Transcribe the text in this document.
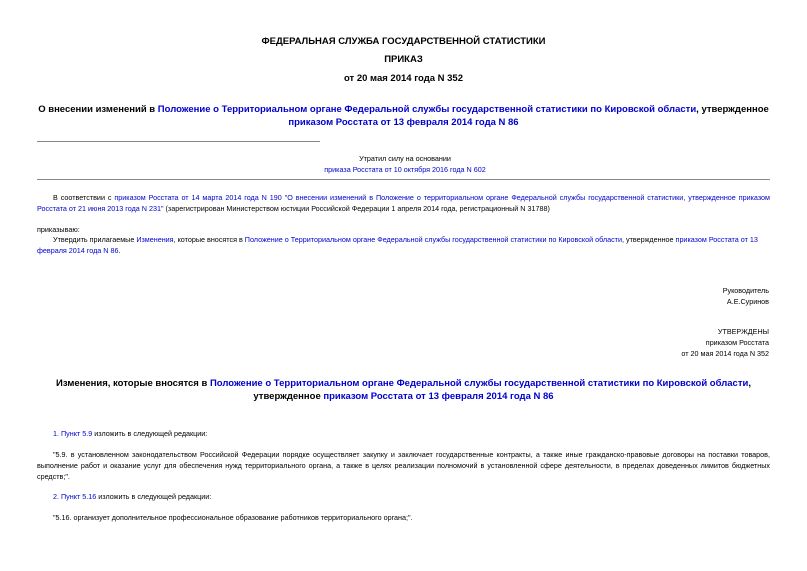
ФЕДЕРАЛЬНАЯ СЛУЖБА ГОСУДАРСТВЕННОЙ СТАТИСТИКИ
ПРИКАЗ
от 20 мая 2014 года N 352
О внесении изменений в Положение о Территориальном органе Федеральной службы государственной статистики по Кировской области, утвержденное приказом Росстата от 13 февраля 2014 года N 86
Утратил силу на основании
приказа Росстата от 10 октября 2016 года N 602
В соответствии с приказом Росстата от 14 марта 2014 года N 190 "О внесении изменений в Положение о территориальном органе Федеральной службы государственной статистики, утвержденное приказом Росстата от 21 июня 2013 года N 231" (зарегистрирован Министерством юстиции Российской Федерации 1 апреля 2014 года, регистрационный N 31788)
приказываю:
Утвердить прилагаемые Изменения, которые вносятся в Положение о Территориальном органе Федеральной службы государственной статистики по Кировской области, утвержденное приказом Росстата от 13 февраля 2014 года N 86.
Руководитель
А.Е.Суринов
УТВЕРЖДЕНЫ
приказом Росстата
от 20 мая 2014 года N 352
Изменения, которые вносятся в Положение о Территориальном органе Федеральной службы государственной статистики по Кировской области, утвержденное приказом Росстата от 13 февраля 2014 года N 86
1. Пункт 5.9 изложить в следующей редакции:
"5.9. в установленном законодательством Российской Федерации порядке осуществляет закупку и заключает государственные контракты, а также иные гражданско-правовые договоры на поставки товаров, выполнение работ и оказание услуг для обеспечения нужд территориального органа, а также в целях реализации полномочий в установленной сфере деятельности, в пределах доведенных лимитов бюджетных средств;".
2. Пункт 5.16 изложить в следующей редакции:
"5.16. организует дополнительное профессиональное образование работников территориального органа;".
